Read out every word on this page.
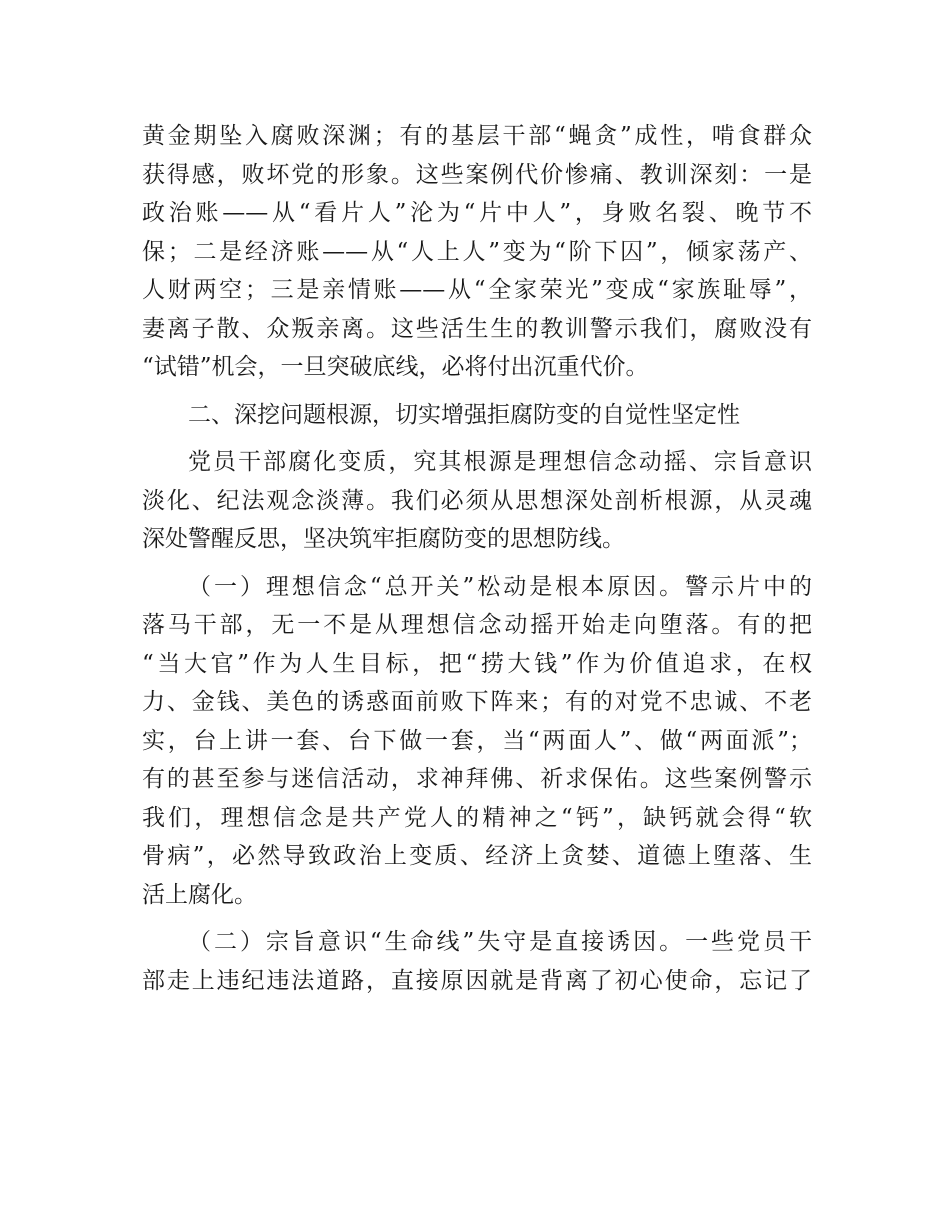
黄金期坠入腐败深渊；有的基层干部“蝇贪”成性，啃食群众
获得感，败坏党的形象。这些案例代价惨痛、教训深刻：一是
政治账——从“看片人”沦为“片中人”，身败名裂、晚节不
保；二是经济账——从“人上人”变为“阶下囚”，倾家荡产、
人财两空；三是亲情账——从“全家荣光”变成“家族耻辱”，
妻离子散、众叛亲离。这些活生生的教训警示我们，腐败没有
“试错”机会，一旦突破底线，必将付出沉重代价。
二、深挖问题根源，切实增强拒腐防变的自觉性坚定性
党员干部腐化变质，究其根源是理想信念动摇、宗旨意识
淡化、纪法观念淡薄。我们必须从思想深处剖析根源，从灵魂
深处警醒反思，坚决筑牢拒腐防变的思想防线。
（一）理想信念“总开关”松动是根本原因。警示片中的
落马干部，无一不是从理想信念动摇开始走向堕落。有的把
“当大官”作为人生目标，把“捞大钱”作为价值追求，在权
力、金钱、美色的诱惑面前败下阵来；有的对党不忠诚、不老
实，台上讲一套、台下做一套，当“两面人”、做“两面派”；
有的甚至参与迷信活动，求神拜佛、祈求保佑。这些案例警示
我们，理想信念是共产党人的精神之“钙”，缺钙就会得“软
骨病”，必然导致政治上变质、经济上贪婪、道德上堕落、生
活上腐化。
（二）宗旨意识“生命线”失守是直接诱因。一些党员干
部走上违纪违法道路，直接原因就是背离了初心使命，忘记了
